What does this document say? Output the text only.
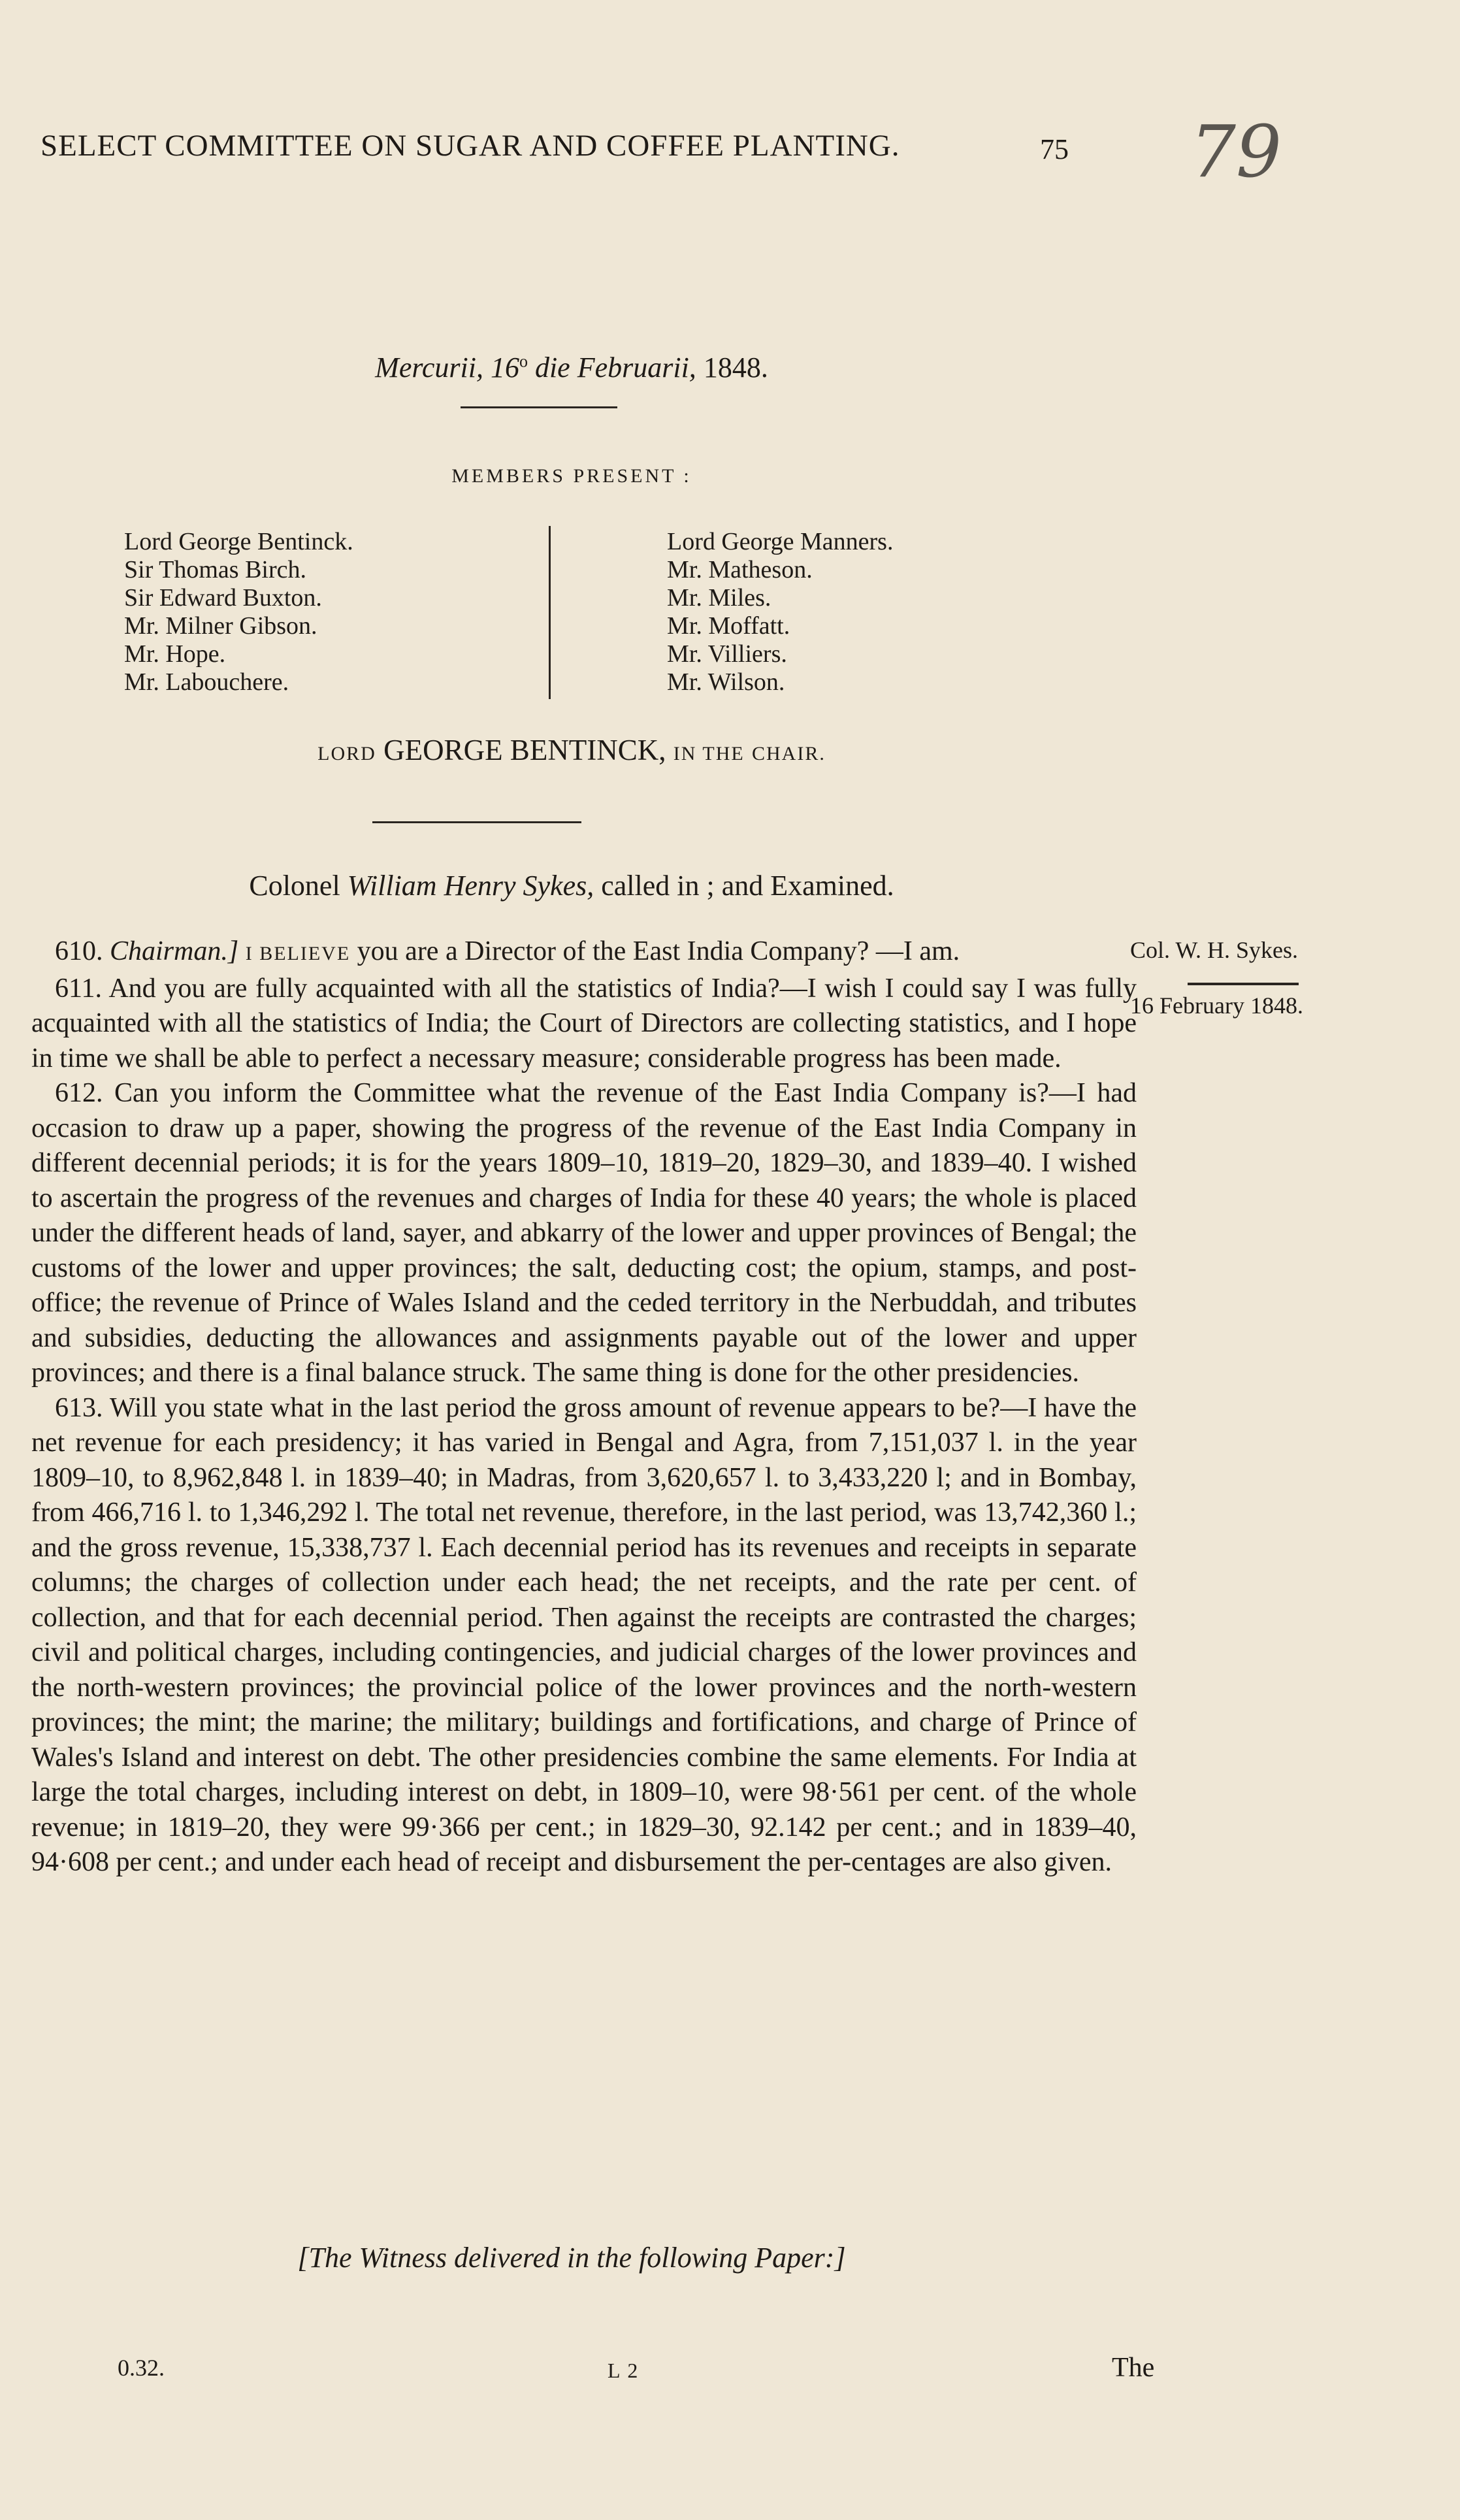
SELECT COMMITTEE ON SUGAR AND COFFEE PLANTING.	75 79
Mercurii, 16$^o$ die Februarii, 1848.
MEMBERS PRESENT :
Lord George Bentinck.
Sir Thomas Birch.
Sir Edward Buxton.
Mr. Milner Gibson.
Mr. Hope.
Mr. Labouchere.
Lord George Manners.
Mr. Matheson.
Mr. Miles.
Mr. Moffatt.
Mr. Villiers.
Mr. Wilson.
LORD GEORGE BENTINCK, IN THE CHAIR.
Colonel William Henry Sykes, called in ; and Examined.
Col. W. H. Sykes.
16 February 1848.

610. Chairman.] I BELIEVE you are a Director of the East India Company? —I am.

611. And you are fully acquainted with all the statistics of India?—I wish I could say I was fully acquainted with all the statistics of India; the Court of Directors are collecting statistics, and I hope in time we shall be able to perfect a necessary measure; considerable progress has been made.

612. Can you inform the Committee what the revenue of the East India Company is?—I had occasion to draw up a paper, showing the progress of the revenue of the East India Company in different decennial periods; it is for the years 1809–10, 1819–20, 1829–30, and 1839–40. I wished to ascertain the progress of the revenues and charges of India for these 40 years; the whole is placed under the different heads of land, sayer, and abkarry of the lower and upper provinces of Bengal; the customs of the lower and upper provinces; the salt, deducting cost; the opium, stamps, and post-office; the revenue of Prince of Wales Island and the ceded territory in the Nerbuddah, and tributes and subsidies, deducting the allowances and assignments payable out of the lower and upper provinces; and there is a final balance struck. The same thing is done for the other presidencies.

613. Will you state what in the last period the gross amount of revenue appears to be?—I have the net revenue for each presidency; it has varied in Bengal and Agra, from 7,151,037 l. in the year 1809–10, to 8,962,848 l. in 1839–40; in Madras, from 3,620,657 l. to 3,433,220 l; and in Bombay, from 466,716 l. to 1,346,292 l. The total net revenue, therefore, in the last period, was 13,742,360 l.; and the gross revenue, 15,338,737 l. Each decennial period has its revenues and receipts in separate columns; the charges of collection under each head; the net receipts, and the rate per cent. of collection, and that for each decennial period. Then against the receipts are contrasted the charges; civil and political charges, including contingencies, and judicial charges of the lower provinces and the north-western provinces; the provincial police of the lower provinces and the north-western provinces; the mint; the marine; the military; buildings and fortifications, and charge of Prince of Wales's Island and interest on debt. The other presidencies combine the same elements. For India at large the total charges, including interest on debt, in 1809–10, were 98·561 per cent. of the whole revenue; in 1819–20, they were 99·366 per cent.; in 1829–30, 92.142 per cent.; and in 1839–40, 94·608 per cent.; and under each head of receipt and disbursement the per-centages are also given.

[The Witness delivered in the following Paper:]
0.32.	L 2	The
